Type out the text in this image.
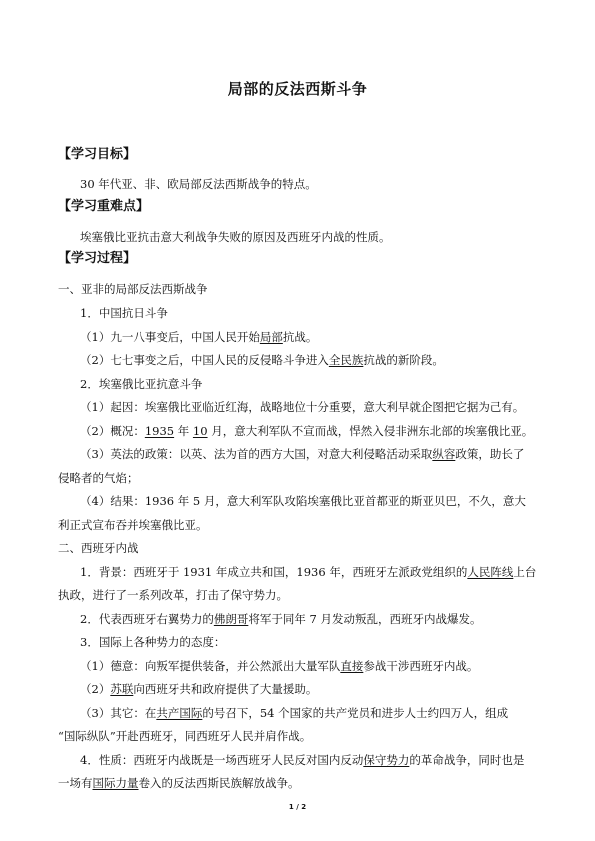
局部的反法西斯斗争
【学习目标】
30 年代亚、非、欧局部反法西斯战争的特点。
【学习重难点】
埃塞俄比亚抗击意大利战争失败的原因及西班牙内战的性质。
【学习过程】
一、亚非的局部反法西斯战争
1．中国抗日斗争
（1）九一八事变后，中国人民开始局部抗战。
（2）七七事变之后，中国人民的反侵略斗争进入全民族抗战的新阶段。
2．埃塞俄比亚抗意斗争
（1）起因：埃塞俄比亚临近红海，战略地位十分重要，意大利早就企图把它据为己有。
（2）概况：1935 年 10 月，意大利军队不宣而战，悍然入侵非洲东北部的埃塞俄比亚。
（3）英法的政策：以英、法为首的西方大国，对意大利侵略活动采取纵容政策，助长了
侵略者的气焰；
（4）结果：1936 年 5 月，意大利军队攻陷埃塞俄比亚首都亚的斯亚贝巴，不久，意大
利正式宣布吞并埃塞俄比亚。
二、西班牙内战
1．背景：西班牙于 1931 年成立共和国，1936 年，西班牙左派政党组织的人民阵线上台
执政，进行了一系列改革，打击了保守势力。
2．代表西班牙右翼势力的佛朗哥将军于同年 7 月发动叛乱，西班牙内战爆发。
3．国际上各种势力的态度：
（1）德意：向叛军提供装备，并公然派出大量军队直接参战干涉西班牙内战。
（2）苏联向西班牙共和政府提供了大量援助。
（3）其它：在共产国际的号召下，54 个国家的共产党员和进步人士约四万人，组成
“国际纵队”开赴西班牙，同西班牙人民并肩作战。
4．性质：西班牙内战既是一场西班牙人民反对国内反动保守势力的革命战争，同时也是
一场有国际力量卷入的反法西斯民族解放战争。
1 / 2
